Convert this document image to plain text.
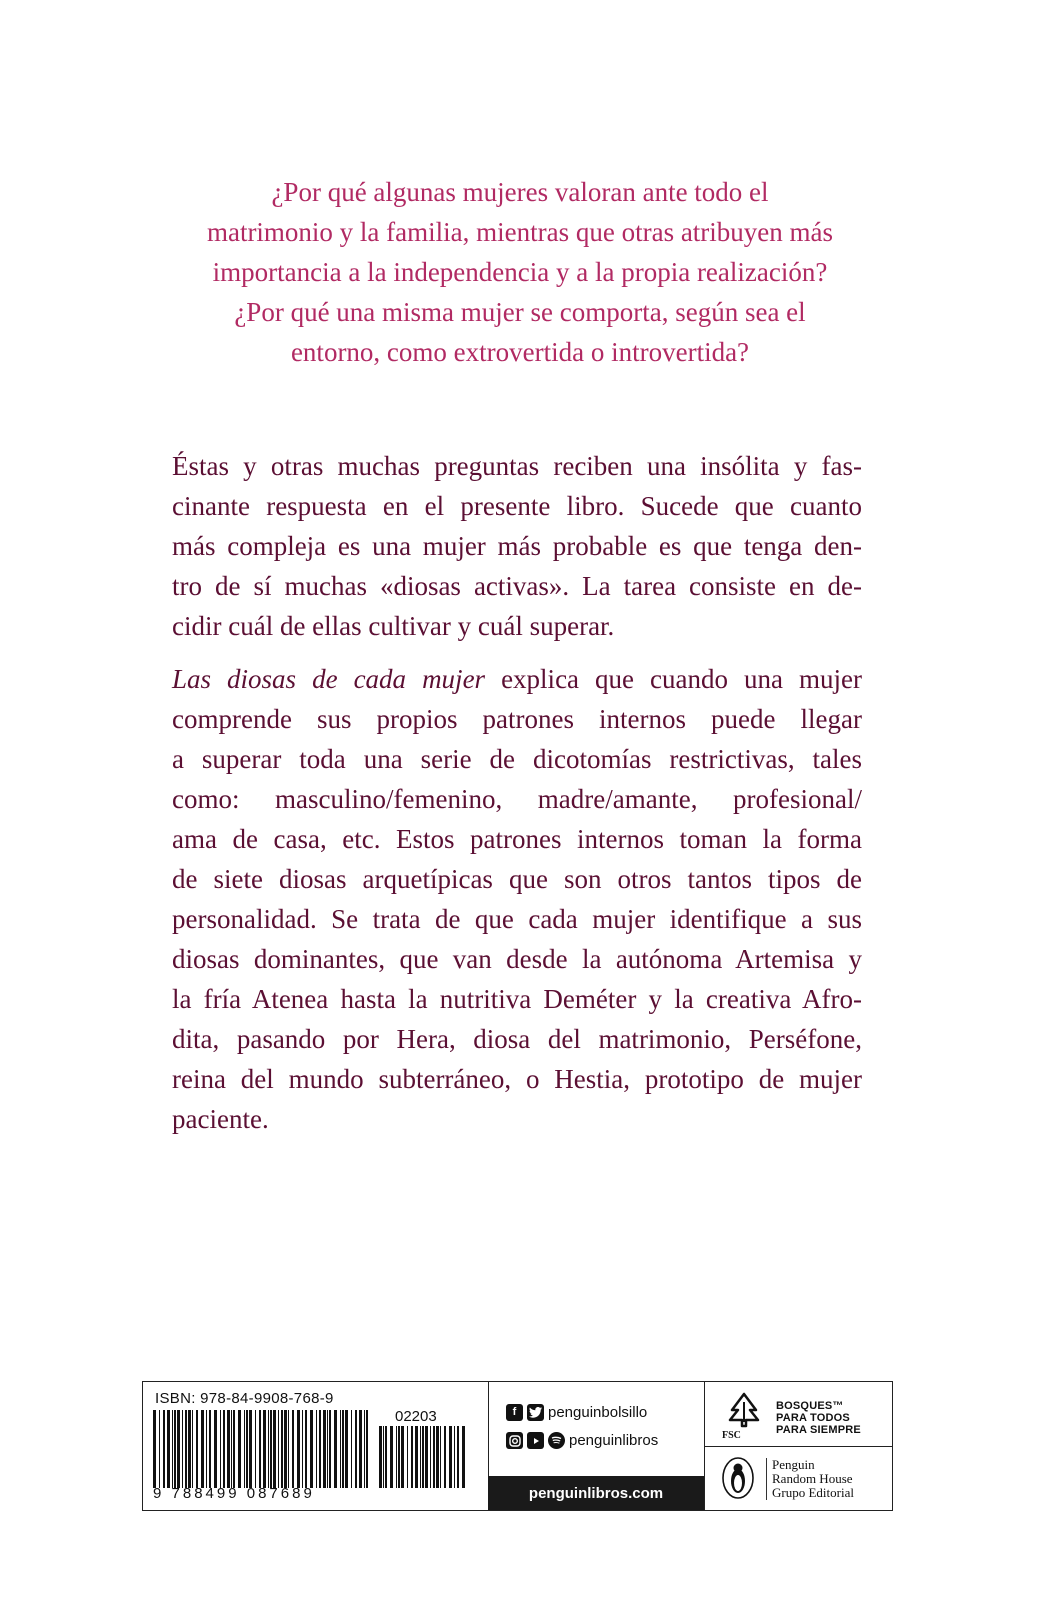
¿Por qué algunas mujeres valoran ante todo el
matrimonio y la familia, mientras que otras atribuyen más
importancia a la independencia y a la propia realización?
¿Por qué una misma mujer se comporta, según sea el
entorno, como extrovertida o introvertida?

Éstas y otras muchas preguntas reciben una insólita y fas-
cinante respuesta en el presente libro. Sucede que cuanto
más compleja es una mujer más probable es que tenga den-
tro de sí muchas «diosas activas». La tarea consiste en de-
cidir cuál de ellas cultivar y cuál superar.

Las diosas de cada mujer explica que cuando una mujer
comprende sus propios patrones internos puede llegar
a superar toda una serie de dicotomías restrictivas, tales
como: masculino/femenino, madre/amante, profesional/
ama de casa, etc. Estos patrones internos toman la forma
de siete diosas arquetípicas que son otros tantos tipos de
personalidad. Se trata de que cada mujer identifique a sus
diosas dominantes, que van desde la autónoma Artemisa y
la fría Atenea hasta la nutritiva Deméter y la creativa Afro-
dita, pasando por Hera, diosa del matrimonio, Perséfone,
reina del mundo subterráneo, o Hestia, prototipo de mujer
paciente.

ISBN: 978-84-9908-768-9
02203
9 788499 087689
f	penguinbolsillo
penguinlibros
penguinlibros.com
FSC
BOSQUES™
PARA TODOS
PARA SIEMPRE
Penguin
Random House
Grupo Editorial
